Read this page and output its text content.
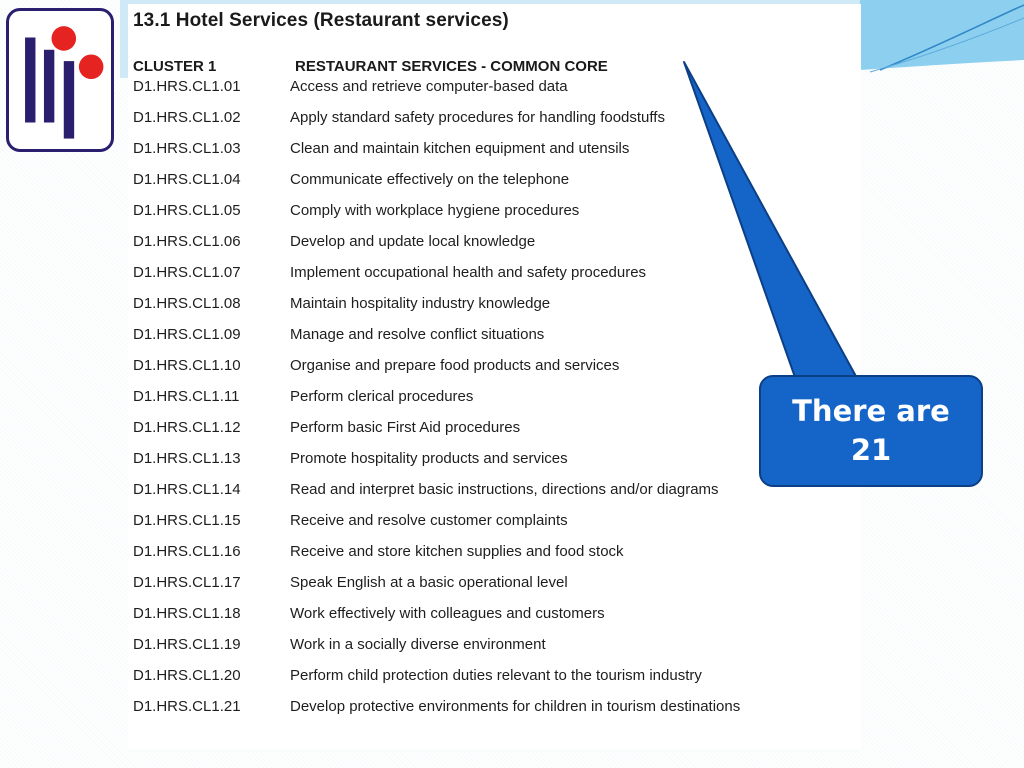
13.1 Hotel Services (Restaurant services)
CLUSTER 1	RESTAURANT SERVICES - COMMON CORE
D1.HRS.CL1.01	Access and retrieve computer-based data
D1.HRS.CL1.02	Apply standard safety procedures for handling foodstuffs
D1.HRS.CL1.03	Clean and maintain kitchen equipment and utensils
D1.HRS.CL1.04	Communicate effectively on the telephone
D1.HRS.CL1.05	Comply with workplace hygiene procedures
D1.HRS.CL1.06	Develop and update local knowledge
D1.HRS.CL1.07	Implement occupational health and safety procedures
D1.HRS.CL1.08	Maintain hospitality industry knowledge
D1.HRS.CL1.09	Manage and resolve conflict situations
D1.HRS.CL1.10	Organise and prepare food products and services
D1.HRS.CL1.11	Perform clerical procedures
D1.HRS.CL1.12	Perform basic First Aid procedures
D1.HRS.CL1.13	Promote hospitality products and services
D1.HRS.CL1.14	Read and interpret basic instructions, directions and/or diagrams
D1.HRS.CL1.15	Receive and resolve customer complaints
D1.HRS.CL1.16	Receive and store kitchen supplies and food stock
D1.HRS.CL1.17	Speak English at a basic operational level
D1.HRS.CL1.18	Work effectively with colleagues and customers
D1.HRS.CL1.19	Work in a socially diverse environment
D1.HRS.CL1.20	Perform child protection duties relevant to the tourism industry
D1.HRS.CL1.21	Develop protective environments for children in tourism destinations
There are 21
